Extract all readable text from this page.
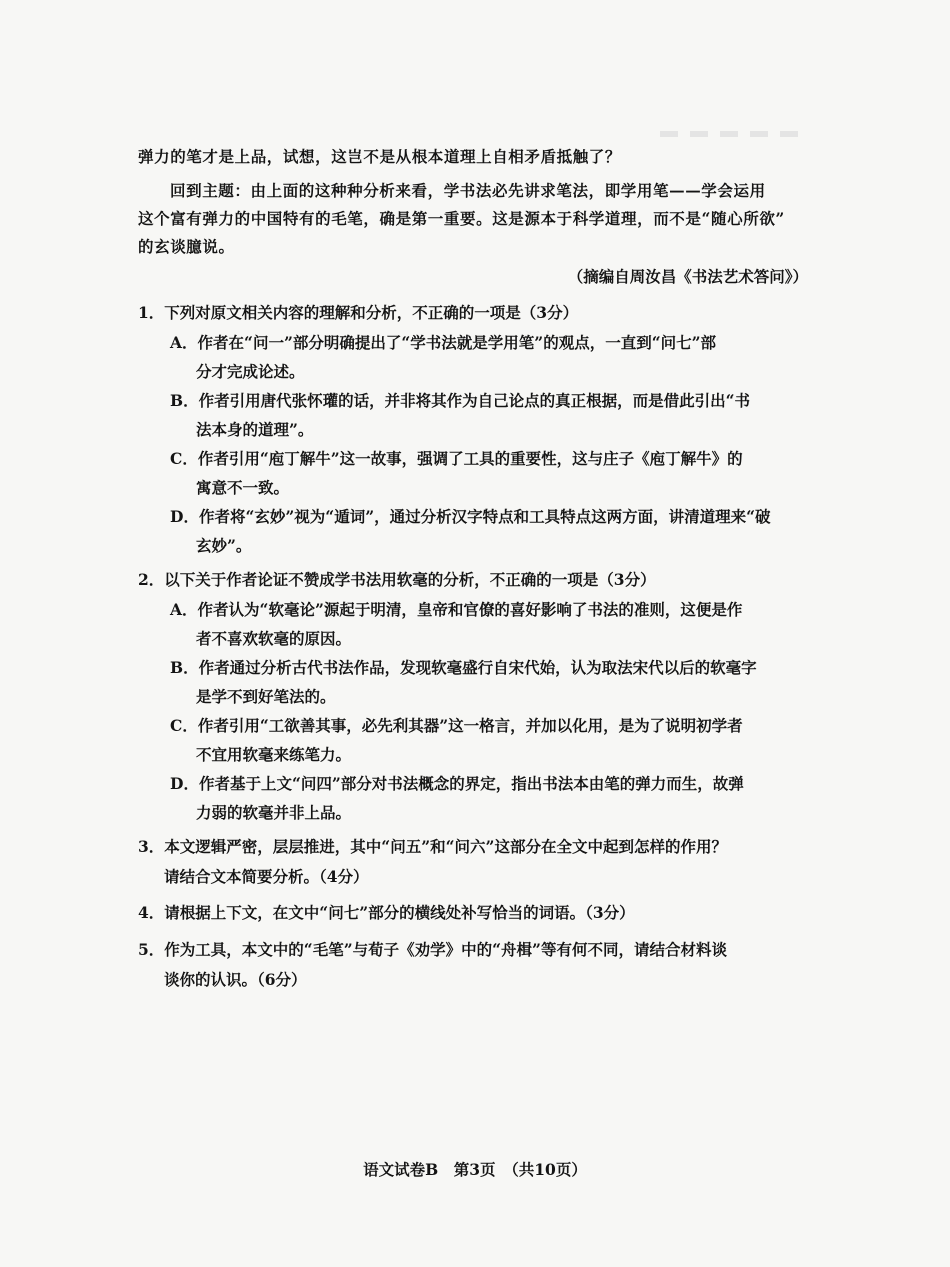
弹力的笔才是上品，试想，这岂不是从根本道理上自相矛盾抵触了？
回到主题：由上面的这种种分析来看，学书法必先讲求笔法，即学用笔——学会运用
这个富有弹力的中国特有的毛笔，确是第一重要。这是源本于科学道理，而不是“随心所欲”
的玄谈臆说。
（摘编自周汝昌《书法艺术答问》）
1．下列对原文相关内容的理解和分析，不正确的一项是（3分）
A．作者在“问一”部分明确提出了“学书法就是学用笔”的观点，一直到“问七”部
分才完成论述。
B．作者引用唐代张怀瓘的话，并非将其作为自己论点的真正根据，而是借此引出“书
法本身的道理”。
C．作者引用“庖丁解牛”这一故事，强调了工具的重要性，这与庄子《庖丁解牛》的
寓意不一致。
D．作者将“玄妙”视为“遁词”，通过分析汉字特点和工具特点这两方面，讲清道理来“破
玄妙”。
2．以下关于作者论证不赞成学书法用软毫的分析，不正确的一项是（3分）
A．作者认为“软毫论”源起于明清，皇帝和官僚的喜好影响了书法的准则，这便是作
者不喜欢软毫的原因。
B．作者通过分析古代书法作品，发现软毫盛行自宋代始，认为取法宋代以后的软毫字
是学不到好笔法的。
C．作者引用“工欲善其事，必先利其器”这一格言，并加以化用，是为了说明初学者
不宜用软毫来练笔力。
D．作者基于上文“问四”部分对书法概念的界定，指出书法本由笔的弹力而生，故弹
力弱的软毫并非上品。
3．本文逻辑严密，层层推进，其中“问五”和“问六”这部分在全文中起到怎样的作用？
请结合文本简要分析。（4分）
4．请根据上下文，在文中“问七”部分的横线处补写恰当的词语。（3分）
5．作为工具，本文中的“毛笔”与荀子《劝学》中的“舟楫”等有何不同，请结合材料谈
谈你的认识。（6分）
语文试卷B　第3页　（共10页）
